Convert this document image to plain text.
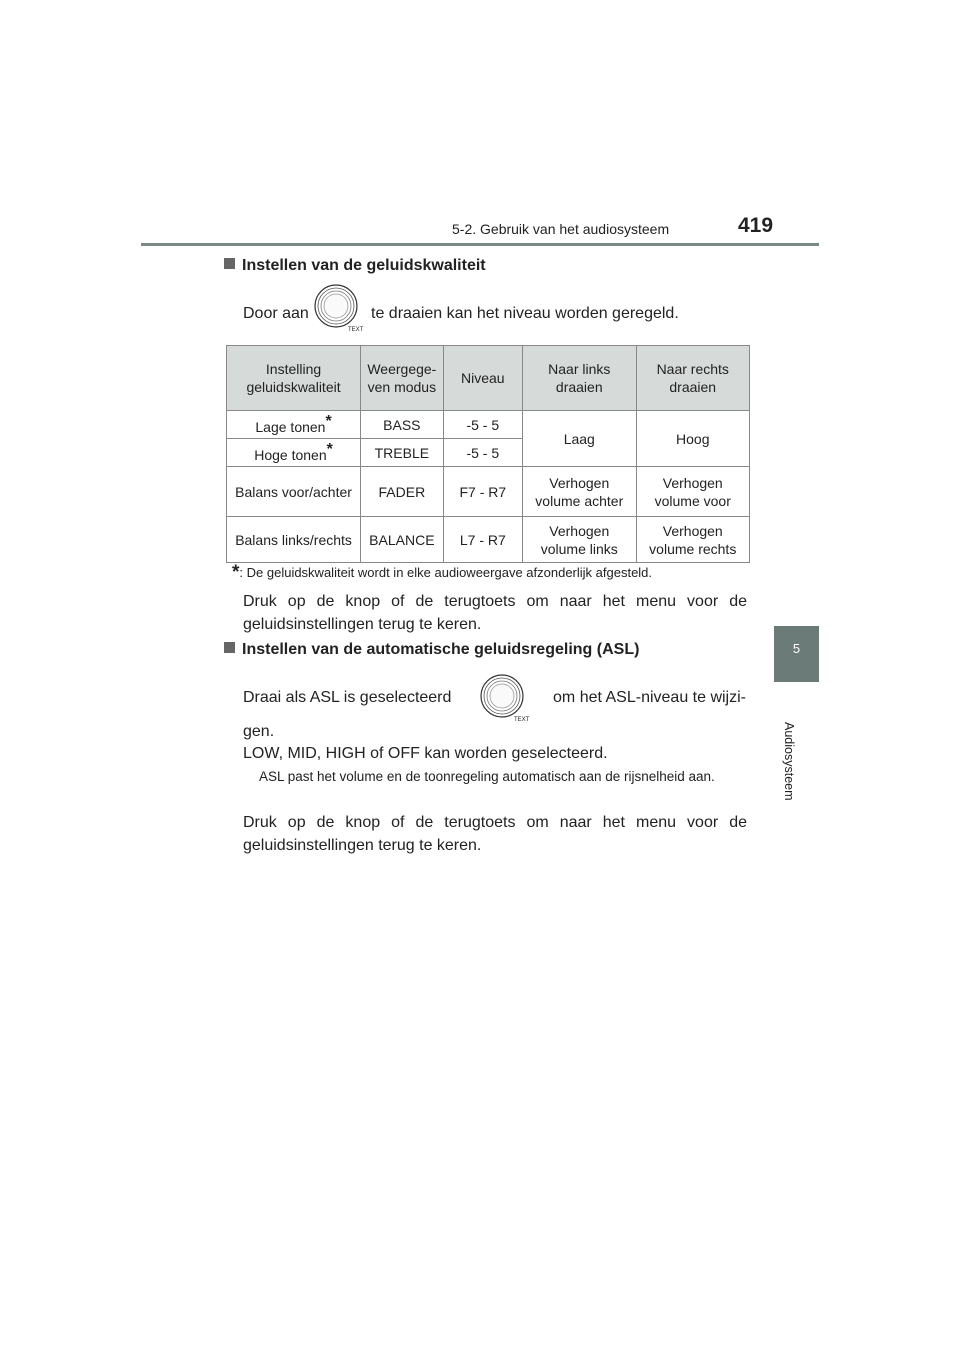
5-2. Gebruik van het audiosysteem	419
5
Audiosysteem
Instellen van de geluidskwaliteit
Door aan
TEXT
te draaien kan het niveau worden geregeld.
Instelling geluidskwaliteit	Weergege-ven modus	Niveau	Naar links draaien	Naar rechts draaien
Lage tonen*	BASS	-5 - 5	Laag	Hoog
Hoge tonen*	TREBLE	-5 - 5		
Balans voor/achter	FADER	F7 - R7	Verhogen volume achter	Verhogen volume voor
Balans links/rechts	BALANCE	L7 - R7	Verhogen volume links	Verhogen volume rechts
*: De geluidskwaliteit wordt in elke audioweergave afzonderlijk afgesteld.
Druk op de knop of de terugtoets om naar het menu voor de geluidsinstellingen terug te keren.
Instellen van de automatische geluidsregeling (ASL)
Draai als ASL is geselecteerd
TEXT
om het ASL-niveau te wijzi-
gen.
LOW, MID, HIGH of OFF kan worden geselecteerd.
ASL past het volume en de toonregeling automatisch aan de rijsnelheid aan.
Druk op de knop of de terugtoets om naar het menu voor de geluidsinstellingen terug te keren.
